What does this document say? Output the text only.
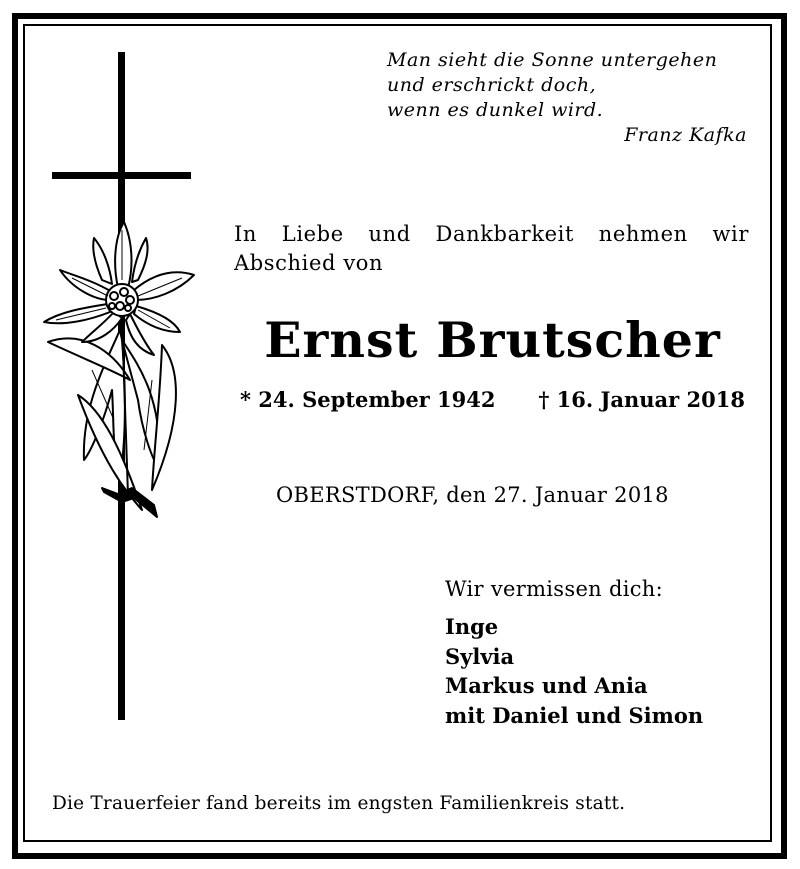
Man sieht die Sonne untergehen
und erschrickt doch,
wenn es dunkel wird.
Franz Kafka
In Liebe und Dankbarkeit nehmen wir Abschied von
Ernst Brutscher
* 24. September 1942 † 16. Januar 2018
OBERSTDORF, den 27. Januar 2018
Wir vermissen dich:
Inge
Sylvia
Markus und Ania
mit Daniel und Simon
Die Trauerfeier fand bereits im engsten Familienkreis statt.
